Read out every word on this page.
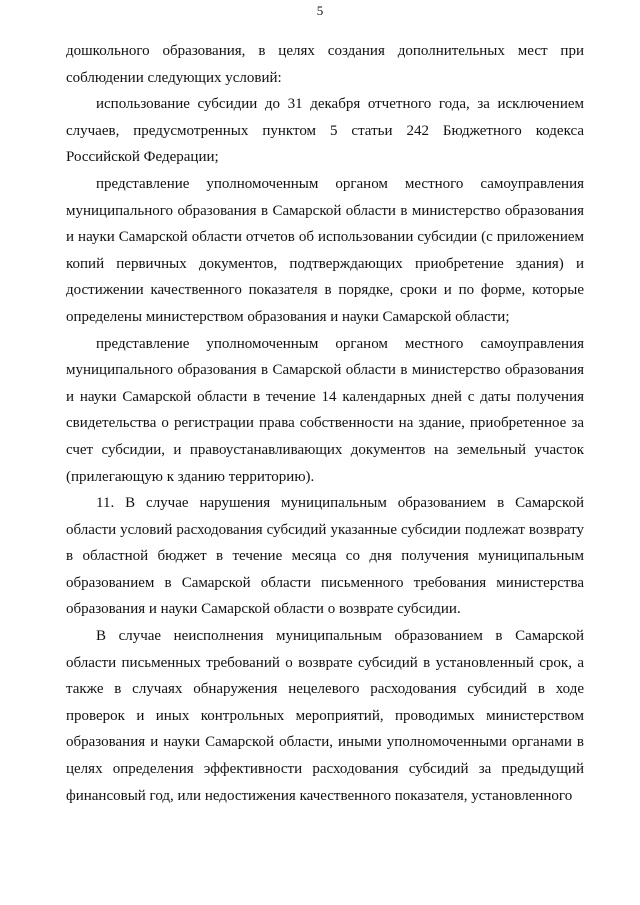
5

дошкольного образования, в целях создания дополнительных мест при соблюдении следующих условий:

использование субсидии до 31 декабря отчетного года, за исключением случаев, предусмотренных пунктом 5 статьи 242 Бюджетного кодекса Российской Федерации;

представление уполномоченным органом местного самоуправления муниципального образования в Самарской области в министерство образования и науки Самарской области отчетов об использовании субсидии (с приложением копий первичных документов, подтверждающих приобретение здания) и достижении качественного показателя в порядке, сроки и по форме, которые определены министерством образования и науки Самарской области;

представление уполномоченным органом местного самоуправления муниципального образования в Самарской области в министерство образования и науки Самарской области в течение 14 календарных дней с даты получения свидетельства о регистрации права собственности на здание, приобретенное за счет субсидии, и правоустанавливающих документов на земельный участок (прилегающую к зданию территорию).

11. В случае нарушения муниципальным образованием в Самарской области условий расходования субсидий указанные субсидии подлежат возврату в областной бюджет в течение месяца со дня получения муниципальным образованием в Самарской области письменного требования министерства образования и науки Самарской области о возврате субсидии.

В случае неисполнения муниципальным образованием в Самарской области письменных требований о возврате субсидий в установленный срок, а также в случаях обнаружения нецелевого расходования субсидий в ходе проверок и иных контрольных мероприятий, проводимых министерством образования и науки Самарской области, иными уполномоченными органами в целях определения эффективности расходования субсидий за предыдущий финансовый год, или недостижения качественного показателя, установленного
